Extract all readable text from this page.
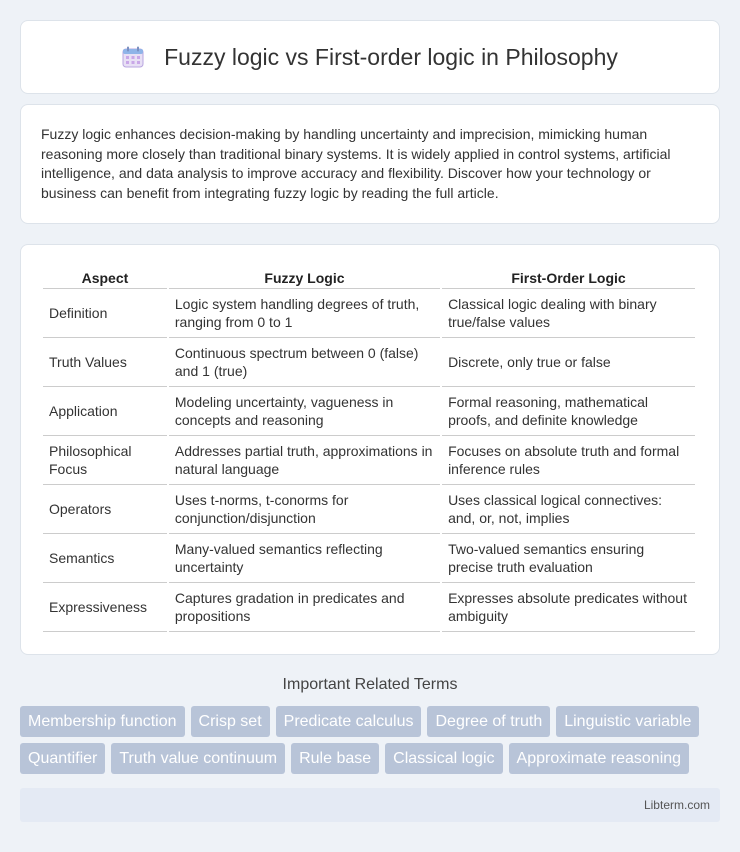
Fuzzy logic vs First-order logic in Philosophy

Fuzzy logic enhances decision-making by handling uncertainty and imprecision, mimicking human reasoning more closely than traditional binary systems. It is widely applied in control systems, artificial intelligence, and data analysis to improve accuracy and flexibility. Discover how your technology or business can benefit from integrating fuzzy logic by reading the full article.

Aspect	Fuzzy Logic	First-Order Logic
Definition	Logic system handling degrees of truth, ranging from 0 to 1	Classical logic dealing with binary true/false values
Truth Values	Continuous spectrum between 0 (false) and 1 (true)	Discrete, only true or false
Application	Modeling uncertainty, vagueness in concepts and reasoning	Formal reasoning, mathematical proofs, and definite knowledge
Philosophical Focus	Addresses partial truth, approximations in natural language	Focuses on absolute truth and formal inference rules
Operators	Uses t-norms, t-conorms for conjunction/disjunction	Uses classical logical connectives: and, or, not, implies
Semantics	Many-valued semantics reflecting uncertainty	Two-valued semantics ensuring precise truth evaluation
Expressiveness	Captures gradation in predicates and propositions	Expresses absolute predicates without ambiguity
Important Related Terms
Membership function	Crisp set	Predicate calculus	Degree of truth	Linguistic variable
Quantifier	Truth value continuum	Rule base	Classical logic	Approximate reasoning
Libterm.com
